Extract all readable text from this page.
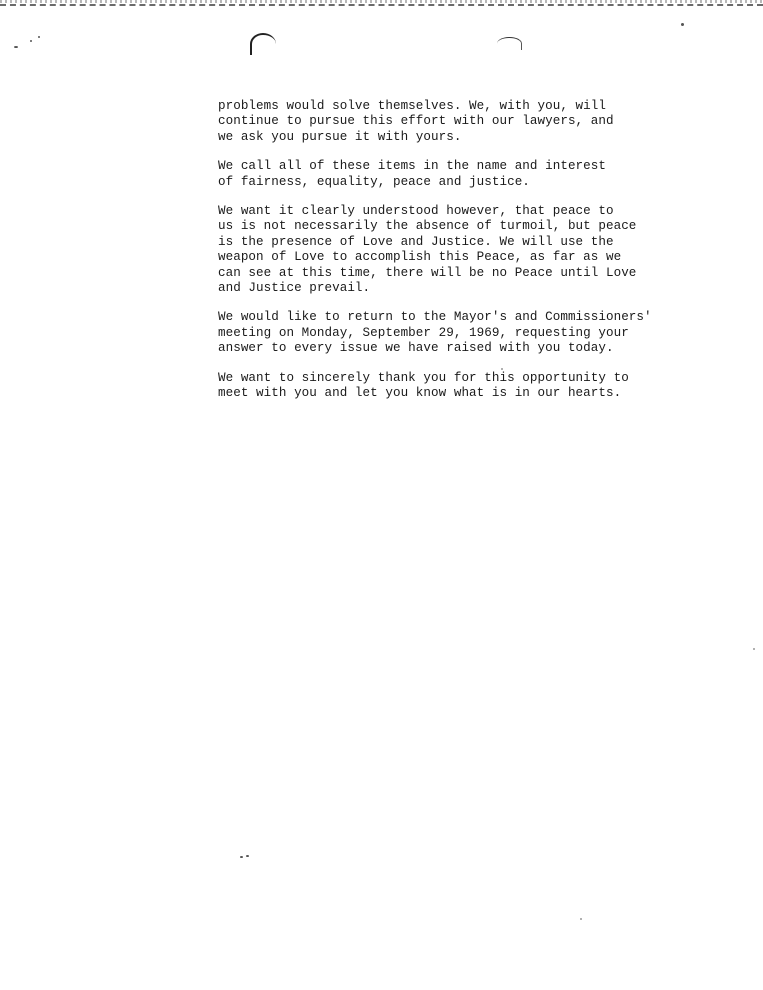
problems would solve themselves. We, with you, will
continue to pursue this effort with our lawyers, and
we ask you pursue it with yours.

We call all of these items in the name and interest
of fairness, equality, peace and justice.

We want it clearly understood however, that peace to
us is not necessarily the absence of turmoil, but peace
is the presence of Love and Justice. We will use the
weapon of Love to accomplish this Peace, as far as we
can see at this time, there will be no Peace until Love
and Justice prevail.

We would like to return to the Mayor's and Commissioners'
meeting on Monday, September 29, 1969, requesting your
answer to every issue we have raised with you today.

We want to sincerely thank you for this opportunity to
meet with you and let you know what is in our hearts.
